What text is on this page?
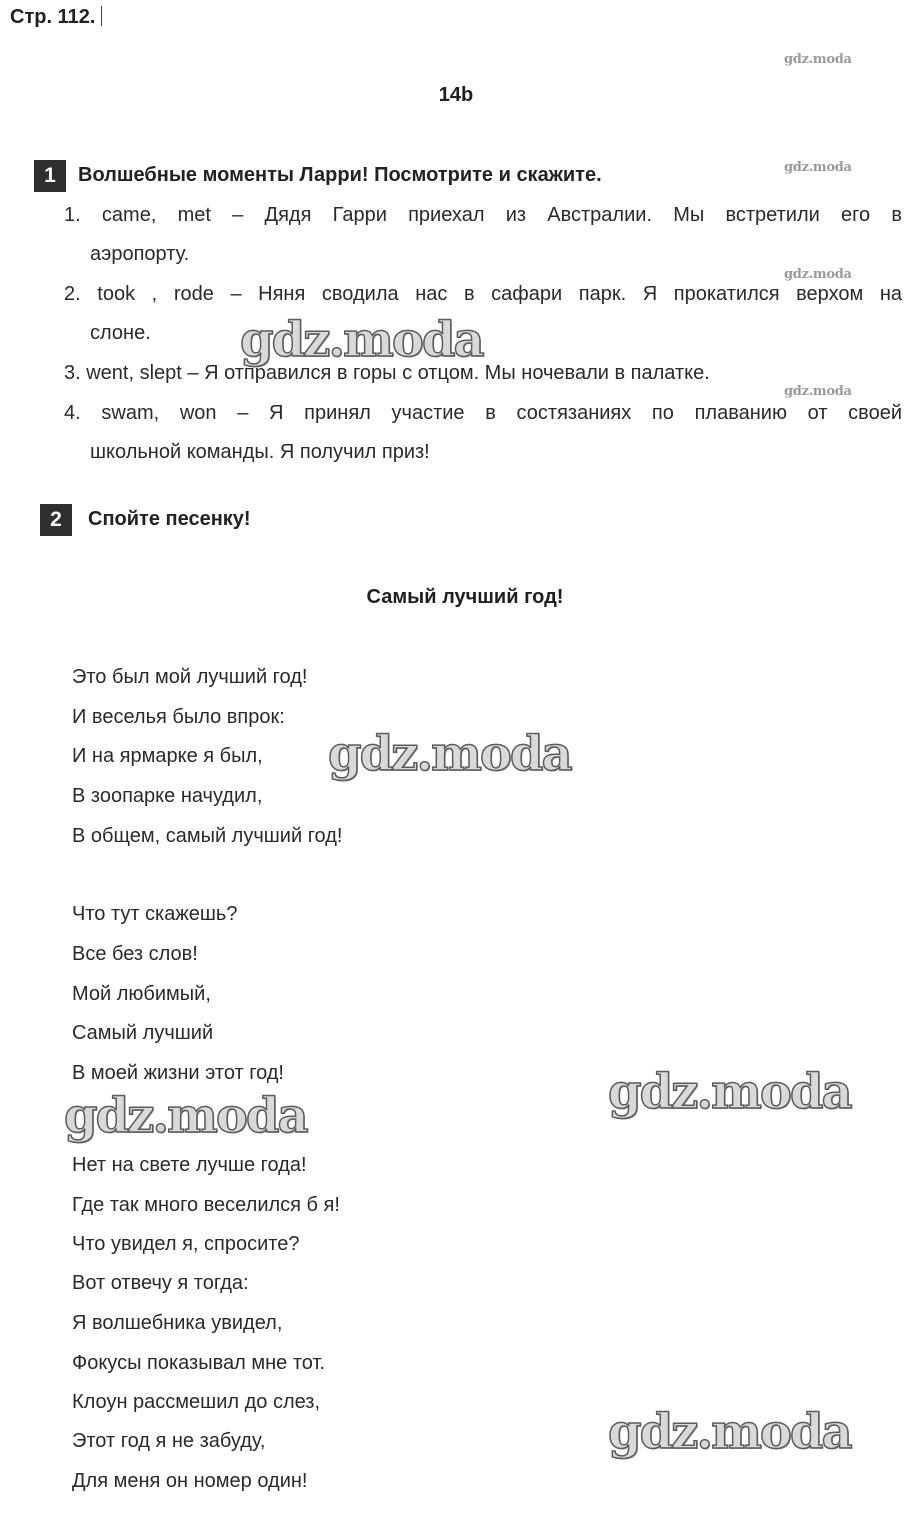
Стр. 112.
14b
1	Волшебные моменты Ларри! Посмотрите и скажите.
1. came, met – Дядя Гарри приехал из Австралии. Мы встретили его в
аэропорту.
2. took , rode – Няня сводила нас в сафари парк. Я прокатился верхом на
слоне.
3. went, slept – Я отправился в горы с отцом. Мы ночевали в палатке.
4. swam, won – Я принял участие в состязаниях по плаванию от своей
школьной команды. Я получил приз!
2	Спойте песенку!
Самый лучший год!
Это был мой лучший год!
И веселья было впрок:
И на ярмарке я был,
В зоопарке начудил,
В общем, самый лучший год!
Что тут скажешь?
Все без слов!
Мой любимый,
Самый лучший
В моей жизни этот год!
Нет на свете лучше года!
Где так много веселился б я!
Что увидел я, спросите?
Вот отвечу я тогда:
Я волшебника увидел,
Фокусы показывал мне тот.
Клоун рассмешил до слез,
Этот год я не забуду,
Для меня он номер один!
gdz.moda
gdz.moda
gdz.moda
gdz.moda
gdz.moda
gdz.moda
gdz.moda
gdz.moda
gdz.moda
